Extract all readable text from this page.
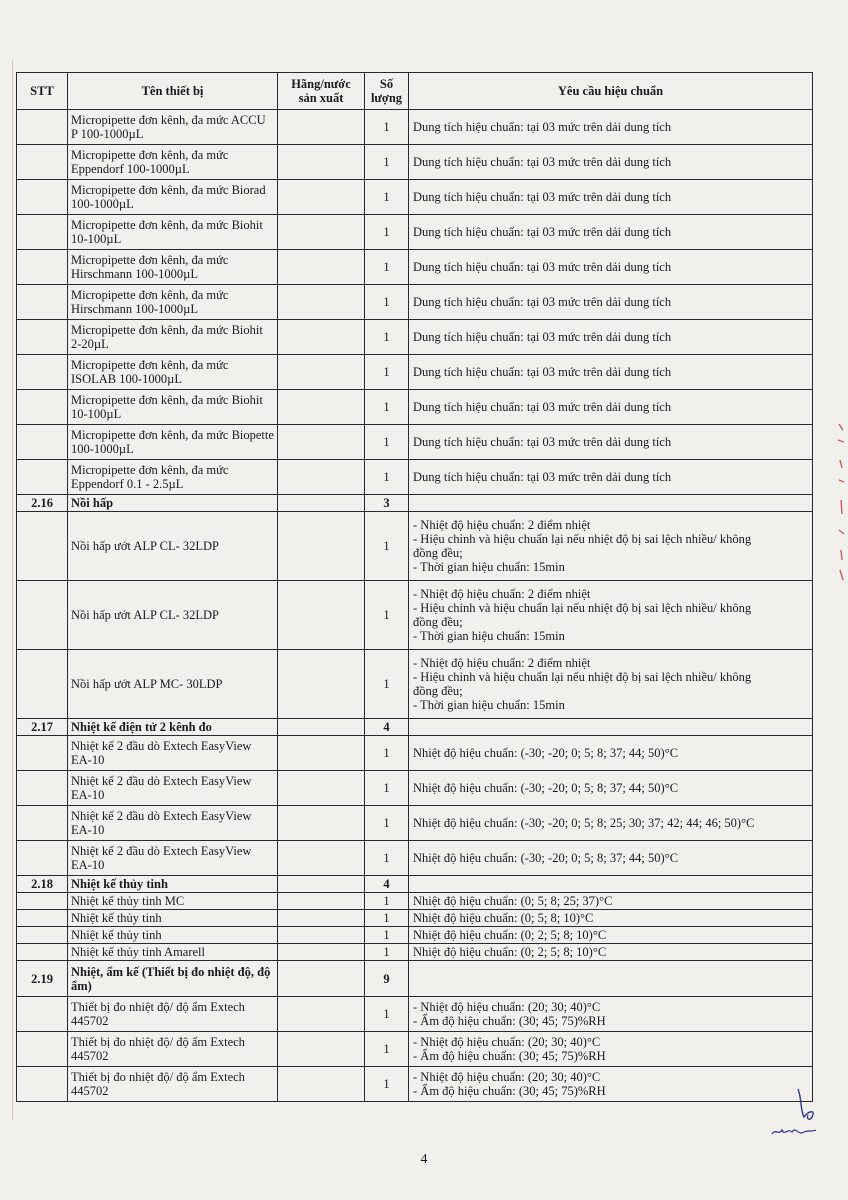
STT	Tên thiết bị	Hãng/nước sản xuất	Số lượng	Yêu cầu hiệu chuẩn
	Micropipette đơn kênh, đa mức ACCU P 100-1000µL		1	Dung tích hiệu chuẩn: tại 03 mức trên dải dung tích

	Micropipette đơn kênh, đa mức Eppendorf 100-1000µL		1	Dung tích hiệu chuẩn: tại 03 mức trên dải dung tích

	Micropipette đơn kênh, đa mức Biorad 100-1000µL		1	Dung tích hiệu chuẩn: tại 03 mức trên dải dung tích

	Micropipette đơn kênh, đa mức Biohit 10-100µL		1	Dung tích hiệu chuẩn: tại 03 mức trên dải dung tích

	Micropipette đơn kênh, đa mức Hirschmann 100-1000µL		1	Dung tích hiệu chuẩn: tại 03 mức trên dải dung tích

	Micropipette đơn kênh, đa mức Hirschmann 100-1000µL		1	Dung tích hiệu chuẩn: tại 03 mức trên dải dung tích

	Micropipette đơn kênh, đa mức Biohit 2-20µL		1	Dung tích hiệu chuẩn: tại 03 mức trên dải dung tích

	Micropipette đơn kênh, đa mức ISOLAB 100-1000µL		1	Dung tích hiệu chuẩn: tại 03 mức trên dải dung tích

	Micropipette đơn kênh, đa mức Biohit 10-100µL		1	Dung tích hiệu chuẩn: tại 03 mức trên dải dung tích

	Micropipette đơn kênh, đa mức Biopette 100-1000µL		1	Dung tích hiệu chuẩn: tại 03 mức trên dải dung tích

	Micropipette đơn kênh, đa mức Eppendorf 0.1 - 2.5µL		1	Dung tích hiệu chuẩn: tại 03 mức trên dải dung tích

2.16	Nồi hấp		3	
	Nồi hấp ướt ALP CL- 32LDP		1	- Nhiệt độ hiệu chuẩn: 2 điểm nhiệt
- Hiệu chỉnh và hiệu chuẩn lại nếu nhiệt độ bị sai lệch nhiều/ không
đồng đều;
- Thời gian hiệu chuẩn: 15min

	Nồi hấp ướt ALP CL- 32LDP		1	- Nhiệt độ hiệu chuẩn: 2 điểm nhiệt
- Hiệu chỉnh và hiệu chuẩn lại nếu nhiệt độ bị sai lệch nhiều/ không
đồng đều;
- Thời gian hiệu chuẩn: 15min

	Nồi hấp ướt ALP MC- 30LDP		1	- Nhiệt độ hiệu chuẩn: 2 điểm nhiệt
- Hiệu chỉnh và hiệu chuẩn lại nếu nhiệt độ bị sai lệch nhiều/ không
đồng đều;
- Thời gian hiệu chuẩn: 15min

2.17	Nhiệt kế điện tử 2 kênh đo		4	
	Nhiệt kế 2 đầu dò Extech EasyView EA-10		1	Nhiệt độ hiệu chuẩn: (-30; -20; 0; 5; 8; 37; 44; 50)°C

	Nhiệt kế 2 đầu dò Extech EasyView EA-10		1	Nhiệt độ hiệu chuẩn: (-30; -20; 0; 5; 8; 37; 44; 50)°C

	Nhiệt kế 2 đầu dò Extech EasyView EA-10		1	Nhiệt độ hiệu chuẩn: (-30; -20; 0; 5; 8; 25; 30; 37; 42; 44; 46; 50)°C

	Nhiệt kế 2 đầu dò Extech EasyView EA-10		1	Nhiệt độ hiệu chuẩn: (-30; -20; 0; 5; 8; 37; 44; 50)°C

2.18	Nhiệt kế thủy tinh		4	
	Nhiệt kế thủy tinh MC		1	Nhiệt độ hiệu chuẩn: (0; 5; 8; 25; 37)°C

	Nhiệt kế thủy tinh		1	Nhiệt độ hiệu chuẩn: (0; 5; 8; 10)°C

	Nhiệt kế thủy tinh		1	Nhiệt độ hiệu chuẩn: (0; 2; 5; 8; 10)°C

	Nhiệt kế thủy tinh Amarell		1	Nhiệt độ hiệu chuẩn: (0; 2; 5; 8; 10)°C

2.19	Nhiệt, ẩm kế (Thiết bị đo nhiệt độ, độ ẩm)		9	
	Thiết bị đo nhiệt độ/ độ ẩm Extech 445702		1	- Nhiệt độ hiệu chuẩn: (20; 30; 40)°C
- Ẩm độ hiệu chuẩn: (30; 45; 75)%RH

	Thiết bị đo nhiệt độ/ độ ẩm Extech 445702		1	- Nhiệt độ hiệu chuẩn: (20; 30; 40)°C
- Ẩm độ hiệu chuẩn: (30; 45; 75)%RH

	Thiết bị đo nhiệt độ/ độ ẩm Extech 445702		1	- Nhiệt độ hiệu chuẩn: (20; 30; 40)°C
- Ẩm độ hiệu chuẩn: (30; 45; 75)%RH
4
